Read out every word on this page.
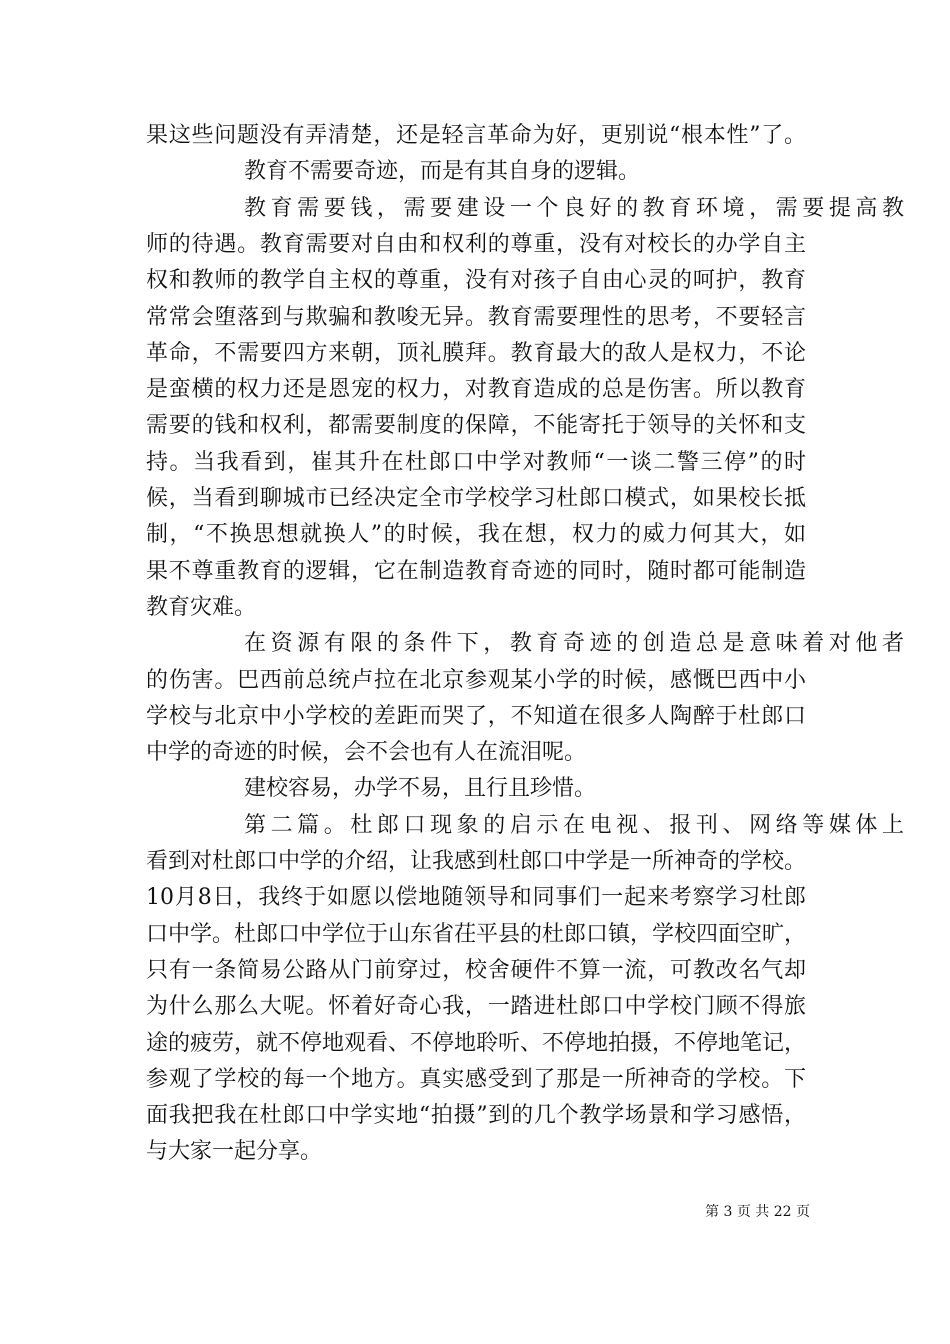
果这些问题没有弄清楚，还是轻言革命为好，更别说“根本性”了。
教育不需要奇迹，而是有其自身的逻辑。
教育需要钱，需要建设一个良好的教育环境，需要提高教
师的待遇。教育需要对自由和权利的尊重，没有对校长的办学自主
权和教师的教学自主权的尊重，没有对孩子自由心灵的呵护，教育
常常会堕落到与欺骗和教唆无异。教育需要理性的思考，不要轻言
革命，不需要四方来朝，顶礼膜拜。教育最大的敌人是权力，不论
是蛮横的权力还是恩宠的权力，对教育造成的总是伤害。所以教育
需要的钱和权利，都需要制度的保障，不能寄托于领导的关怀和支
持。当我看到，崔其升在杜郎口中学对教师“一谈二警三停”的时
候，当看到聊城市已经决定全市学校学习杜郎口模式，如果校长抵
制，“不换思想就换人”的时候，我在想，权力的威力何其大，如
果不尊重教育的逻辑，它在制造教育奇迹的同时，随时都可能制造
教育灾难。
在资源有限的条件下，教育奇迹的创造总是意味着对他者
的伤害。巴西前总统卢拉在北京参观某小学的时候，感慨巴西中小
学校与北京中小学校的差距而哭了，不知道在很多人陶醉于杜郎口
中学的奇迹的时候，会不会也有人在流泪呢。
建校容易，办学不易，且行且珍惜。
第二篇。杜郎口现象的启示在电视、报刊、网络等媒体上
看到对杜郎口中学的介绍，让我感到杜郎口中学是一所神奇的学校。
10月8日，我终于如愿以偿地随领导和同事们一起来考察学习杜郎
口中学。杜郎口中学位于山东省茌平县的杜郎口镇，学校四面空旷，
只有一条简易公路从门前穿过，校舍硬件不算一流，可教改名气却
为什么那么大呢。怀着好奇心我，一踏进杜郎口中学校门顾不得旅
途的疲劳，就不停地观看、不停地聆听、不停地拍摄，不停地笔记，
参观了学校的每一个地方。真实感受到了那是一所神奇的学校。下
面我把我在杜郎口中学实地“拍摄”到的几个教学场景和学习感悟，
与大家一起分享。
第 3 页 共 22 页
